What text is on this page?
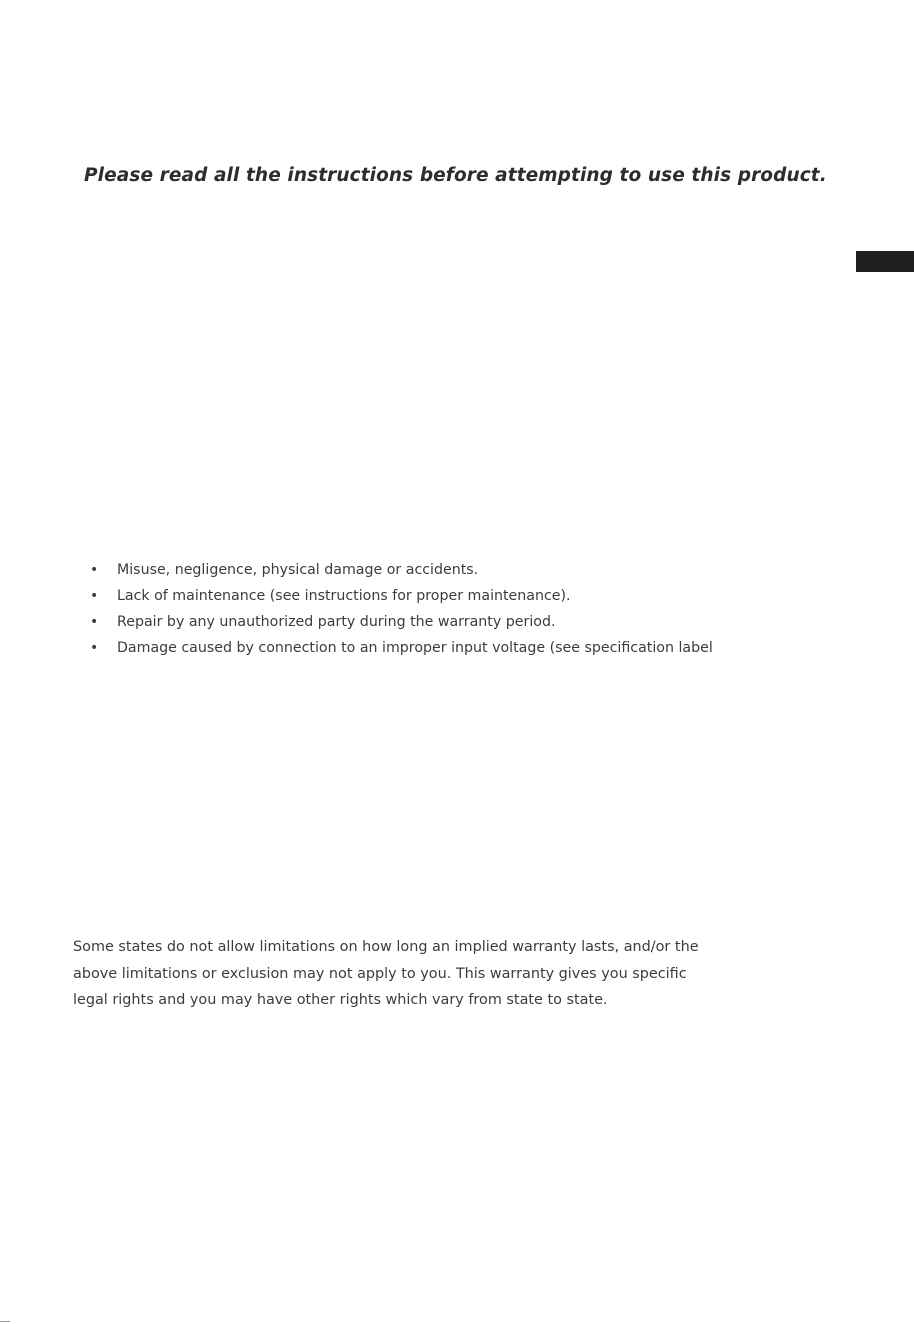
Please read all the instructions before attempting to use this product.

• Misuse, negligence, physical damage or accidents.
• Lack of maintenance (see instructions for proper maintenance).
• Repair by any unauthorized party during the warranty period.
• Damage caused by connection to an improper input voltage (see specification label

Some states do not allow limitations on how long an implied warranty lasts, and/or the
above limitations or exclusion may not apply to you. This warranty gives you specific
legal rights and you may have other rights which vary from state to state.
